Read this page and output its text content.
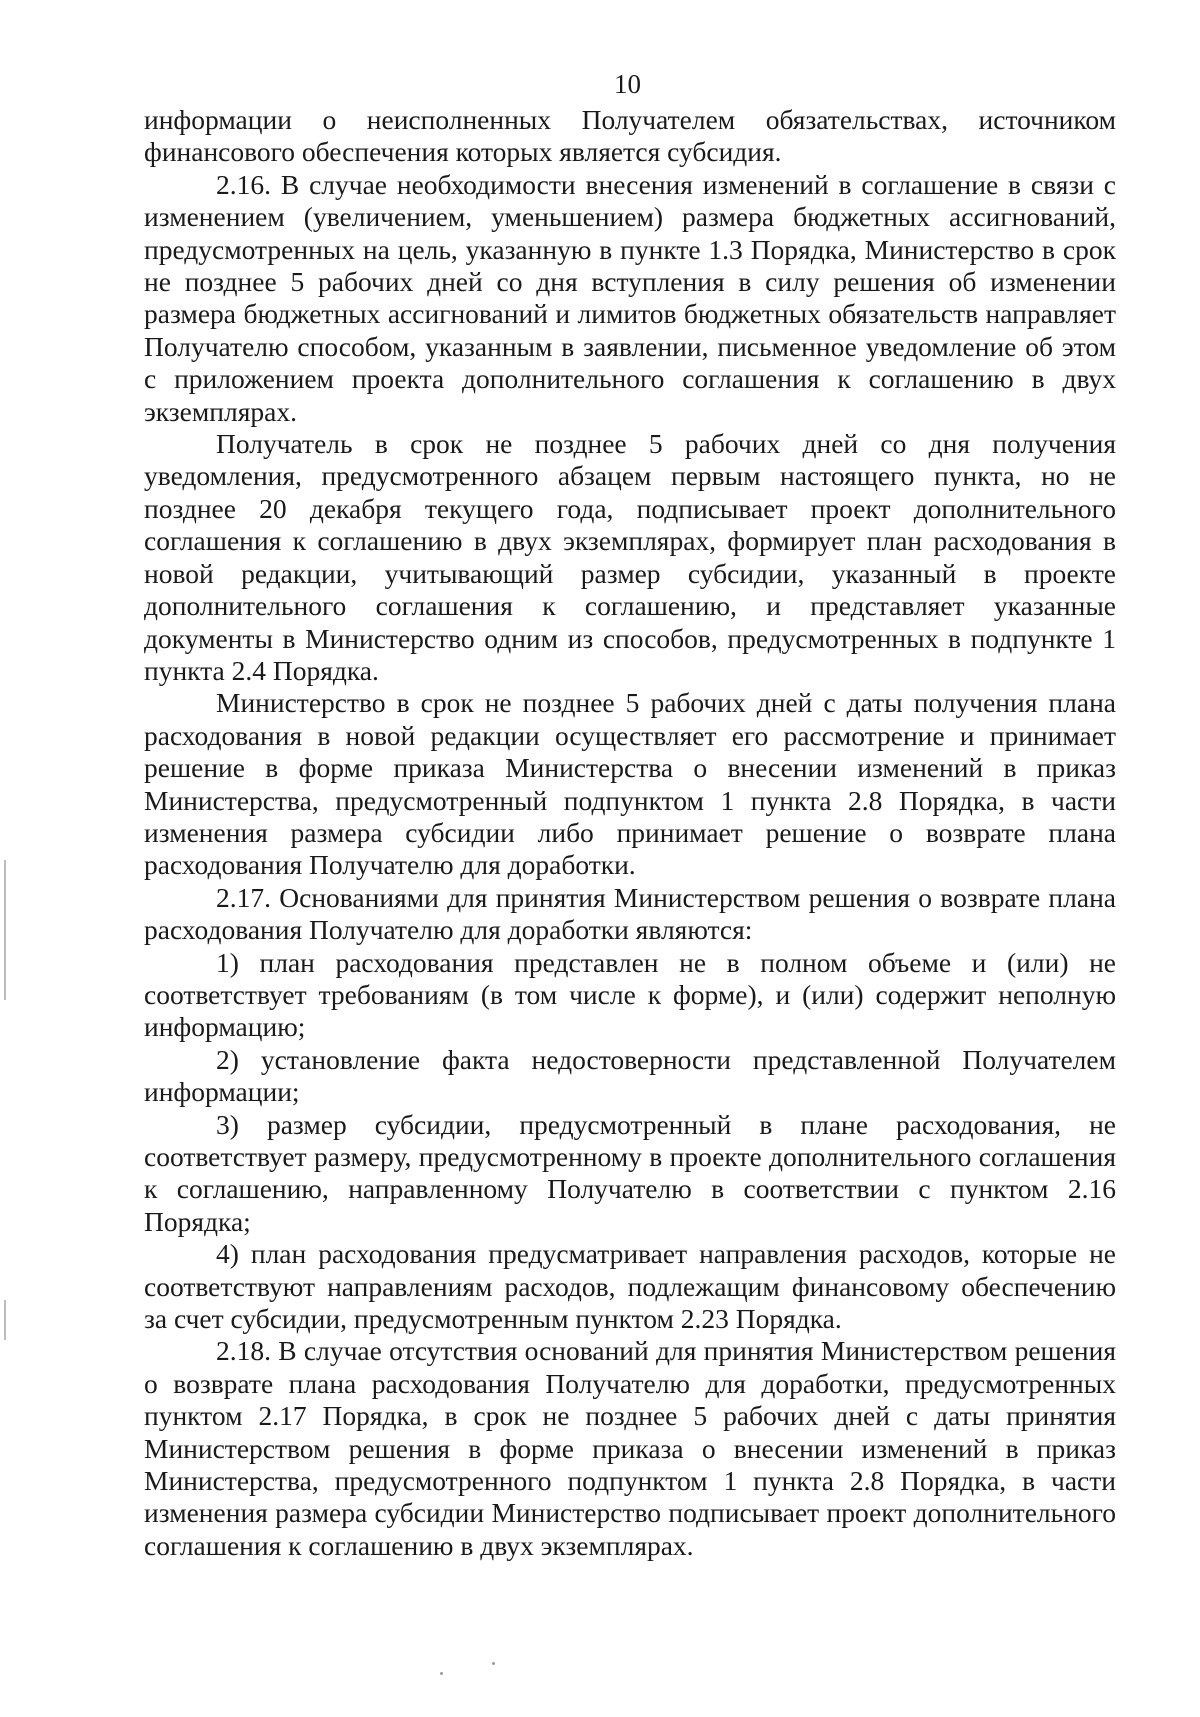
10

информации о неисполненных Получателем обязательствах, источником финансового обеспечения которых является субсидия.

2.16. В случае необходимости внесения изменений в соглашение в связи с изменением (увеличением, уменьшением) размера бюджетных ассигнований, предусмотренных на цель, указанную в пункте 1.3 Порядка, Министерство в срок не позднее 5 рабочих дней со дня вступления в силу решения об изменении размера бюджетных ассигнований и лимитов бюджетных обязательств направляет Получателю способом, указанным в заявлении, письменное уведомление об этом с приложением проекта дополнительного соглашения к соглашению в двух экземплярах.

Получатель в срок не позднее 5 рабочих дней со дня получения уведомления, предусмотренного абзацем первым настоящего пункта, но не позднее 20 декабря текущего года, подписывает проект дополнительного соглашения к соглашению в двух экземплярах, формирует план расходования в новой редакции, учитывающий размер субсидии, указанный в проекте дополнительного соглашения к соглашению, и представляет указанные документы в Министерство одним из способов, предусмотренных в подпункте 1 пункта 2.4 Порядка.

Министерство в срок не позднее 5 рабочих дней с даты получения плана расходования в новой редакции осуществляет его рассмотрение и принимает решение в форме приказа Министерства о внесении изменений в приказ Министерства, предусмотренный подпунктом 1 пункта 2.8 Порядка, в части изменения размера субсидии либо принимает решение о возврате плана расходования Получателю для доработки.

2.17. Основаниями для принятия Министерством решения о возврате плана расходования Получателю для доработки являются:

1) план расходования представлен не в полном объеме и (или) не соответствует требованиям (в том числе к форме), и (или) содержит неполную информацию;

2) установление факта недостоверности представленной Получателем информации;

3) размер субсидии, предусмотренный в плане расходования, не соответствует размеру, предусмотренному в проекте дополнительного соглашения к соглашению, направленному Получателю в соответствии с пунктом 2.16 Порядка;

4) план расходования предусматривает направления расходов, которые не соответствуют направлениям расходов, подлежащим финансовому обеспечению за счет субсидии, предусмотренным пунктом 2.23 Порядка.

2.18. В случае отсутствия оснований для принятия Министерством решения о возврате плана расходования Получателю для доработки, предусмотренных пунктом 2.17 Порядка, в срок не позднее 5 рабочих дней с даты принятия Министерством решения в форме приказа о внесении изменений в приказ Министерства, предусмотренного подпунктом 1 пункта 2.8 Порядка, в части изменения размера субсидии Министерство подписывает проект дополнительного соглашения к соглашению в двух экземплярах.
